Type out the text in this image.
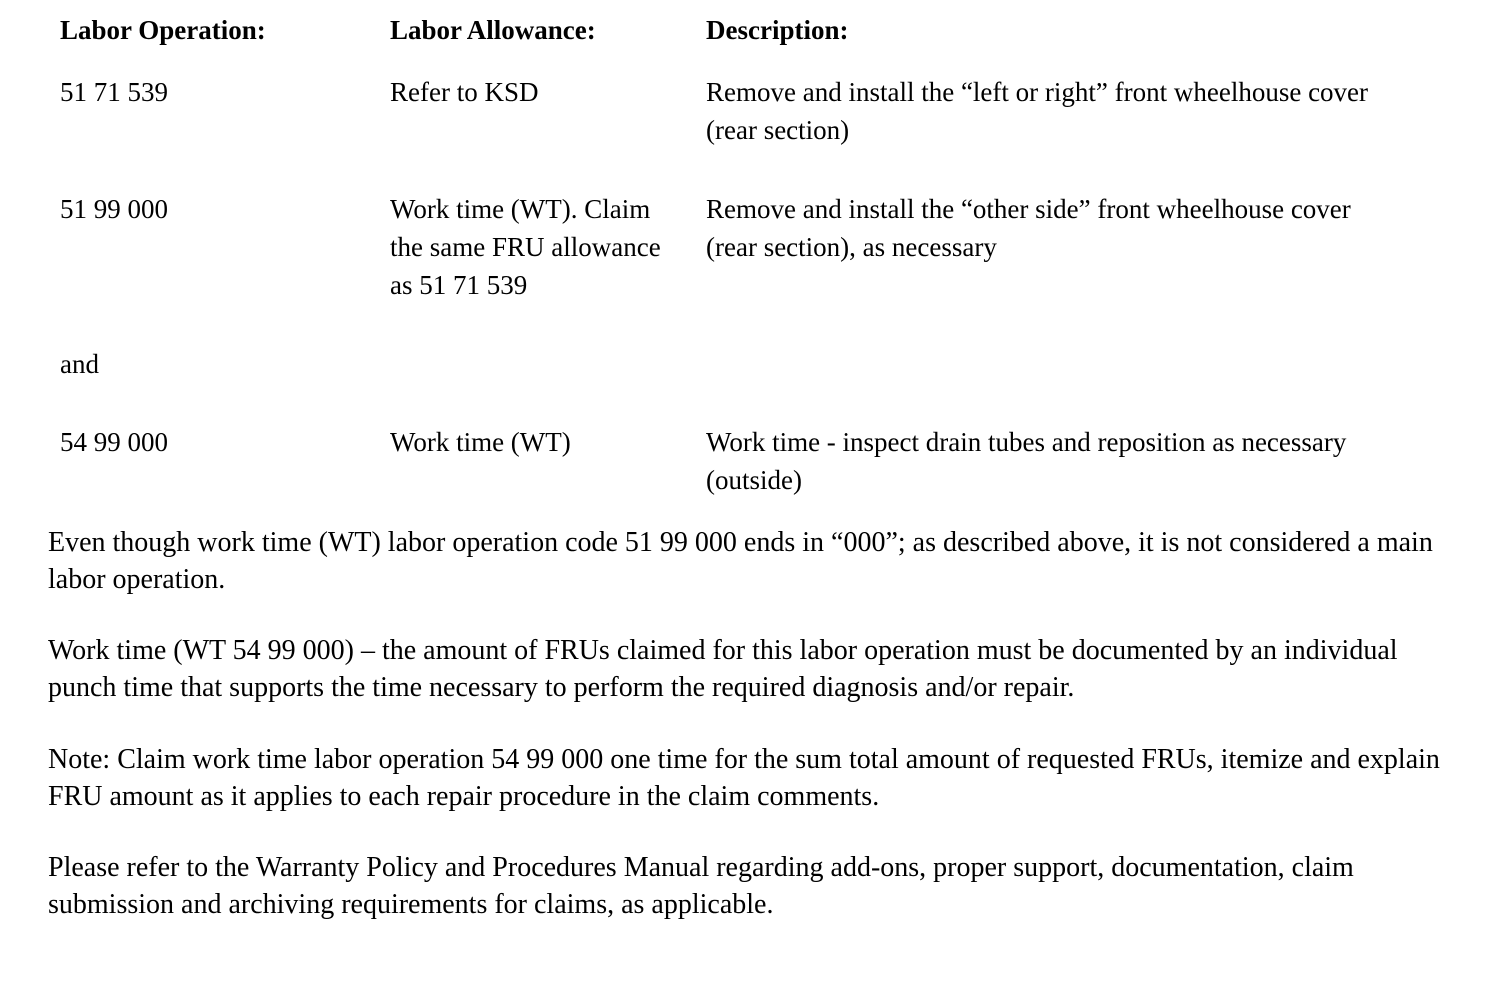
Labor Operation:	Labor Allowance:	Description:
51 71 539	Refer to KSD	Remove and install the “left or right” front wheelhouse cover (rear section)
51 99 000	Work time (WT). Claim the same FRU allowance as 51 71 539	Remove and install the “other side” front wheelhouse cover (rear section), as necessary
and		
54 99 000	Work time (WT)	Work time - inspect drain tubes and reposition as necessary (outside)

Even though work time (WT) labor operation code 51 99 000 ends in “000”; as described above, it is not considered a main labor operation.

Work time (WT 54 99 000) – the amount of FRUs claimed for this labor operation must be documented by an individual punch time that supports the time necessary to perform the required diagnosis and/or repair.

Note: Claim work time labor operation 54 99 000 one time for the sum total amount of requested FRUs, itemize and explain FRU amount as it applies to each repair procedure in the claim comments.

Please refer to the Warranty Policy and Procedures Manual regarding add-ons, proper support, documentation, claim submission and archiving requirements for claims, as applicable.
